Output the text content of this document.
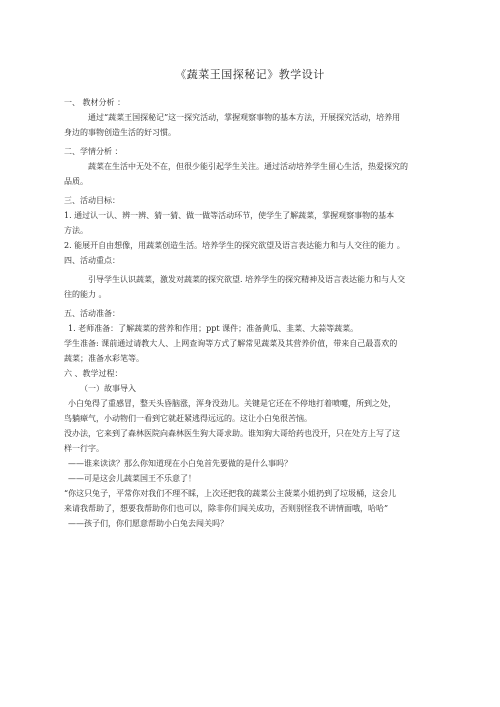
《蔬菜王国探秘记》教学设计

一、 教材分析 ：

通过“蔬菜王国探秘记”这一探究活动，掌握观察事物的基本方法，开展探究活动，培养用

身边的事物创造生活的好习惯。

二、学情分析 ：

蔬菜在生活中无处不在，但很少能引起学生关注。通过活动培养学生留心生活，热爱探究的

品质。

三、活动目标：

1. 通过认一认、辨一辨、猜一猜、做一做等活动环节，使学生了解蔬菜，掌握观察事物的基本

方法。

2. 能展开自由想像，用蔬菜创造生活。培养学生的探究欲望及语言表达能力和与人交往的能力 。

四、活动重点：

引导学生认识蔬菜，激发对蔬菜的探究欲望. 培养学生的探究精神及语言表达能力和与人交

往的能力 。

五、活动准备：

1. 老师准备：了解蔬菜的营养和作用；ppt 课件；准备黄瓜、韭菜、大蒜等蔬菜。

学生准备: 课前通过请教大人、上网查询等方式了解常见蔬菜及其营养价值，带来自己最喜欢的

蔬菜；准备水彩笔等。

六 、教学过程：

（一）故事导入

小白兔得了重感冒，整天头昏脑涨，浑身没劲儿。关键是它还在不停地打着喷嚏，所到之处，

鸟躺瘴气，小动物们一看到它就赶紧逃得远远的。这让小白兔很苦恼。

没办法，它来到了森林医院向森林医生狗大哥求助。谁知狗大哥给药也没开，只在处方上写了这

样一行字。

——谁来读读？那么你知道现在小白兔首先要做的是什么事吗？

——可是这会儿蔬菜国王不乐意了！

“你这只兔子，平常你对我们不理不睬，上次还把我的蔬菜公主菠菜小姐扔到了垃圾桶，这会儿

来请我帮助了，想要我帮助你们也可以，除非你们闯关成功，否则别怪我不讲情面哦，哈哈”

——孩子们，你们愿意帮助小白兔去闯关吗？
